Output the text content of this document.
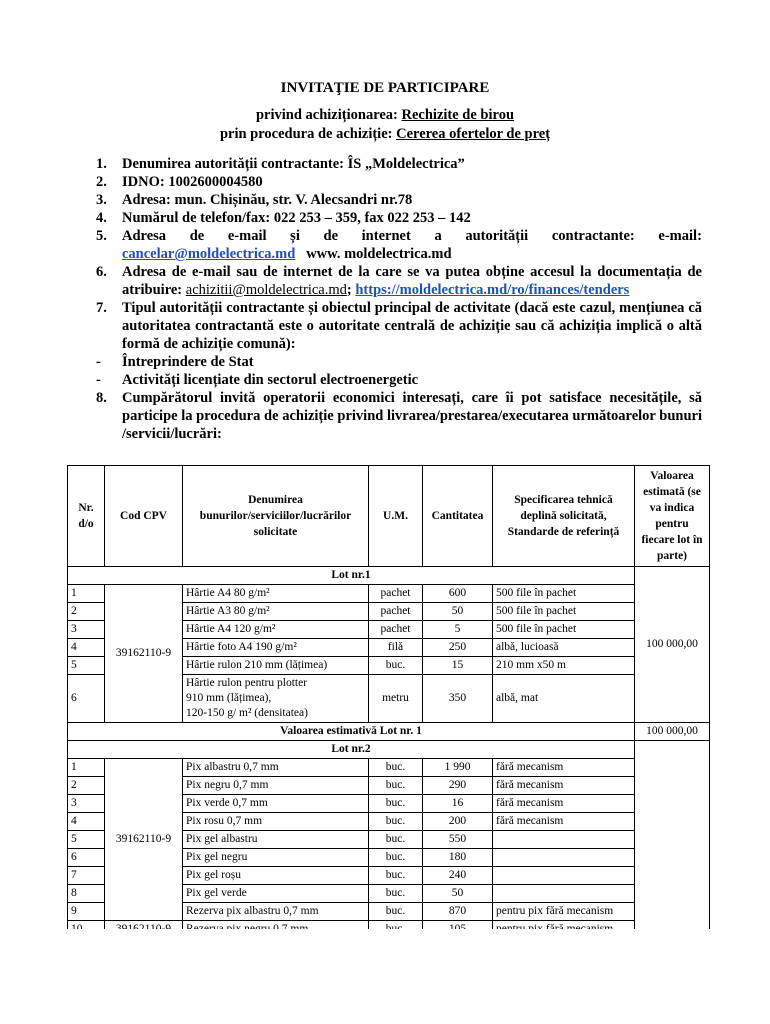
INVITAŢIE DE PARTICIPARE
privind achiziționarea: Rechizite de birou
prin procedura de achiziție: Cererea ofertelor de preț
1. Denumirea autorității contractante: ÎS „Moldelectrica”
2. IDNO: 1002600004580
3. Adresa: mun. Chișinău, str. V. Alecsandri nr.78
4. Numărul de telefon/fax: 022 253 – 359, fax 022 253 – 142
5. Adresa de e-mail și de internet a autorității contractante: e-mail:
cancelar@moldelectrica.md www. moldelectrica.md
6. Adresa de e-mail sau de internet de la care se va putea obține accesul la documentația de atribuire: achizitii@moldelectrica.md; https://moldelectrica.md/ro/finances/tenders
7. Tipul autorității contractante și obiectul principal de activitate (dacă este cazul, mențiunea că autoritatea contractantă este o autoritate centrală de achiziție sau că achiziția implică o altă formă de achiziție comună):
- Întreprindere de Stat
- Activități licențiate din sectorul electroenergetic
8. Cumpărătorul invită operatorii economici interesați, care îi pot satisface necesitățile, să participe la procedura de achiziție privind livrarea/prestarea/executarea următoarelor bunuri /servicii/lucrări:
Nr. d/o	Cod CPV	Denumirea bunurilor/serviciilor/lucrărilor solicitate	U.M.	Cantitatea	Specificarea tehnică deplină solicitată, Standarde de referință	Valoarea estimată (se va indica pentru fiecare lot în parte)
Lot nr.1						100 000,00
1	39162110-9	Hârtie A4 80 g/m²	pachet	600	500 file în pachet	
2		Hârtie A3 80 g/m²	pachet	50	500 file în pachet	
3		Hârtie A4 120 g/m²	pachet	5	500 file în pachet	
4		Hârtie foto A4 190 g/m²	filă	250	albă, lucioasă	
5		Hârtie rulon 210 mm (lățimea)	buc.	15	210 mm x50 m	
6		Hârtie rulon pentru plotter
910 mm (lățimea),
120-150 g/ m² (densitatea)	metru	350	albă, mat	
Valoarea estimativă Lot nr. 1						100 000,00
Lot nr.2						
1	39162110-9	Pix albastru 0,7 mm	buc.	1 990	fără mecanism	
2		Pix negru 0,7 mm	buc.	290	fără mecanism	
3		Pix verde 0,7 mm	buc.	16	fără mecanism	
4		Pix rosu 0,7 mm	buc.	200	fără mecanism	
5		Pix gel albastru	buc.	550		
6		Pix gel negru	buc.	180		
7		Pix gel roșu	buc.	240		
8		Pix gel verde	buc.	50		
9		Rezerva pix albastru 0,7 mm	buc.	870	pentru pix fără mecanism	
